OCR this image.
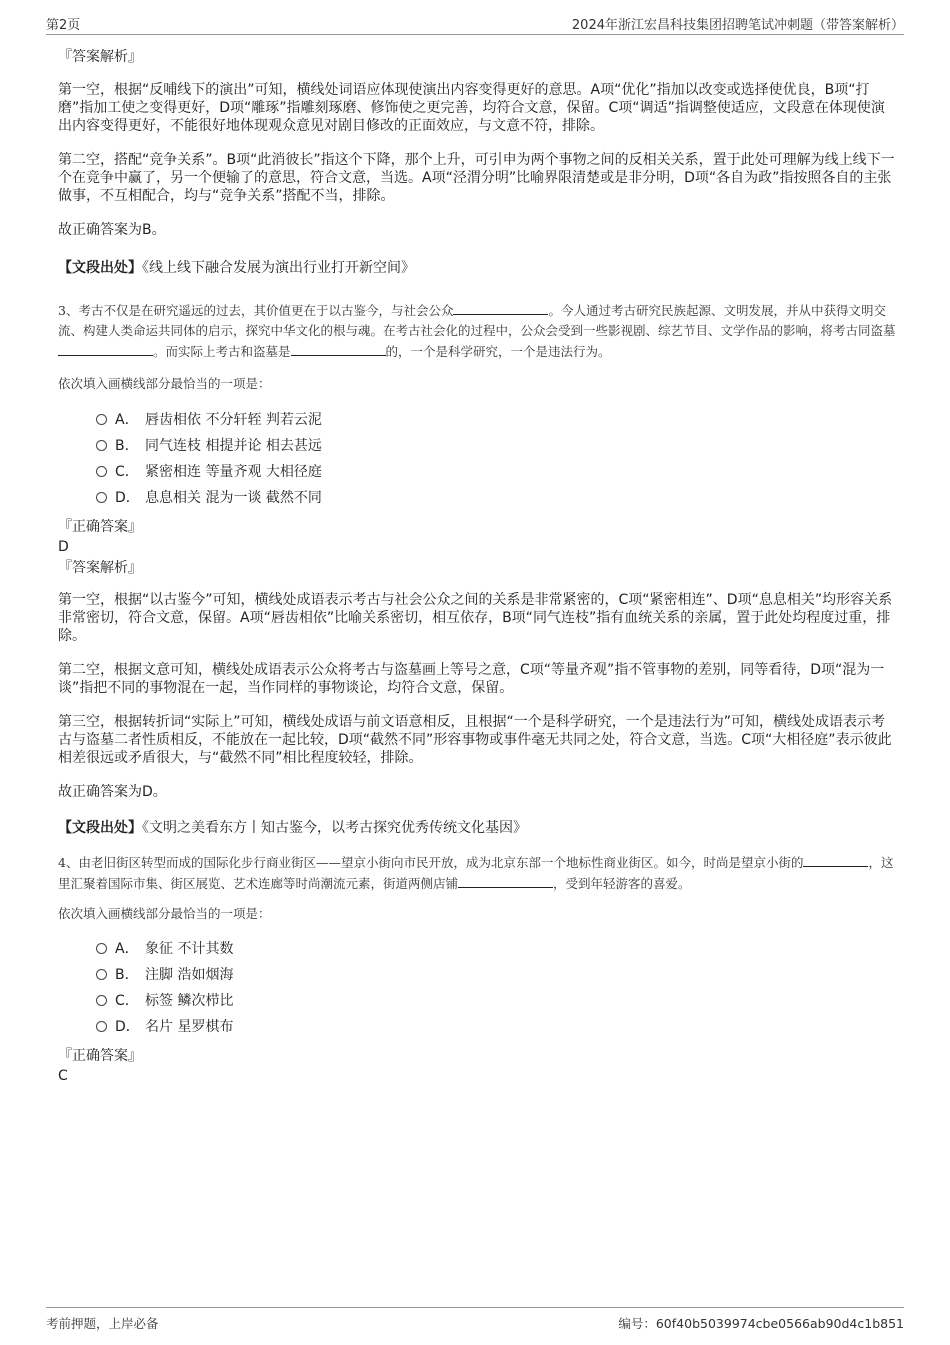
第2页	2024年浙江宏昌科技集团招聘笔试冲刺题（带答案解析）
『答案解析』

第一空，根据“反哺线下的演出”可知，横线处词语应体现使演出内容变得更好的意思。A项“优化”指加以改变或选择使优良，B项“打磨”指加工使之变得更好，D项“雕琢”指雕刻琢磨、修饰使之更完善，均符合文意，保留。C项“调适”指调整使适应，文段意在体现使演出内容变得更好，不能很好地体现观众意见对剧目修改的正面效应，与文意不符，排除。

第二空，搭配“竞争关系”。B项“此消彼长”指这个下降，那个上升，可引申为两个事物之间的反相关关系，置于此处可理解为线上线下一个在竞争中赢了，另一个便输了的意思，符合文意，当选。A项“泾渭分明”比喻界限清楚或是非分明，D项“各自为政”指按照各自的主张做事，不互相配合，均与“竞争关系”搭配不当，排除。

故正确答案为B。

【文段出处】《线上线下融合发展为演出行业打开新空间》

3、考古不仅是在研究遥远的过去，其价值更在于以古鉴今，与社会公众	。今人通过考古研究民族起源、文明发展，并从中获得文明交流、构建人类命运共同体的启示，探究中华文化的根与魂。在考古社会化的过程中，公众会受到一些影视剧、综艺节目、文学作品的影响，将考古同盗墓。而实际上考古和盗墓是	的，一个是科学研究，一个是违法行为。

依次填入画横线部分最恰当的一项是：

A． 唇齿相依 不分轩轾 判若云泥
B． 同气连枝 相提并论 相去甚远
C． 紧密相连 等量齐观 大相径庭
D． 息息相关 混为一谈 截然不同
『正确答案』
D
『答案解析』

第一空，根据“以古鉴今”可知，横线处成语表示考古与社会公众之间的关系是非常紧密的，C项“紧密相连”、D项“息息相关”均形容关系非常密切，符合文意，保留。A项“唇齿相依”比喻关系密切，相互依存，B项“同气连枝”指有血统关系的亲属，置于此处均程度过重，排除。

第二空，根据文意可知，横线处成语表示公众将考古与盗墓画上等号之意，C项“等量齐观”指不管事物的差别，同等看待，D项“混为一谈”指把不同的事物混在一起，当作同样的事物谈论，均符合文意，保留。

第三空，根据转折词“实际上”可知，横线处成语与前文语意相反，且根据“一个是科学研究，一个是违法行为”可知，横线处成语表示考古与盗墓二者性质相反，不能放在一起比较，D项“截然不同”形容事物或事件毫无共同之处，符合文意，当选。C项“大相径庭”表示彼此相差很远或矛盾很大，与“截然不同”相比程度较轻，排除。

故正确答案为D。

【文段出处】《文明之美看东方丨知古鉴今，以考古探究优秀传统文化基因》

4、由老旧街区转型而成的国际化步行商业街区——望京小街向市民开放，成为北京东部一个地标性商业街区。如今，时尚是望京小街的	，这里汇聚着国际市集、街区展览、艺术连廊等时尚潮流元素，街道两侧店铺	，受到年轻游客的喜爱。

依次填入画横线部分最恰当的一项是：

A． 象征 不计其数
B． 注脚 浩如烟海
C． 标签 鳞次栉比
D． 名片 星罗棋布
『正确答案』
C
考前押题，上岸必备	编号：60f40b5039974cbe0566ab90d4c1b851
